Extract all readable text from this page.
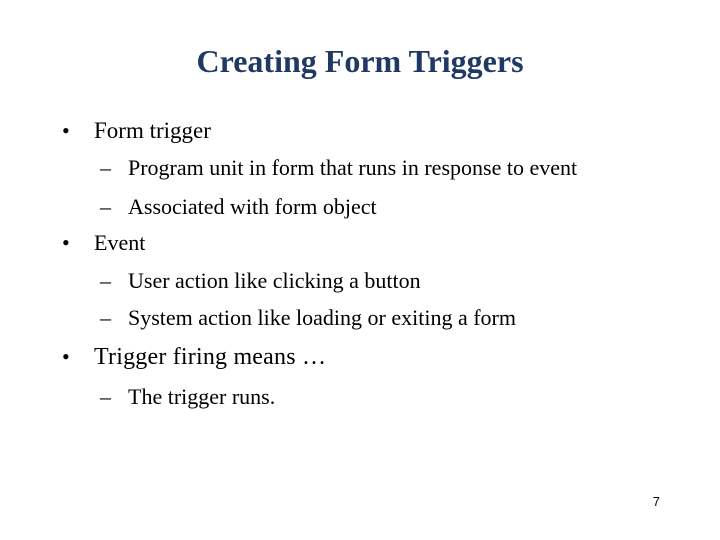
Creating Form Triggers
• Form trigger
– Program unit in form that runs in response to event
– Associated with form object
• Event
– User action like clicking a button
– System action like loading or exiting a form
• Trigger firing means …
– The trigger runs.
7
